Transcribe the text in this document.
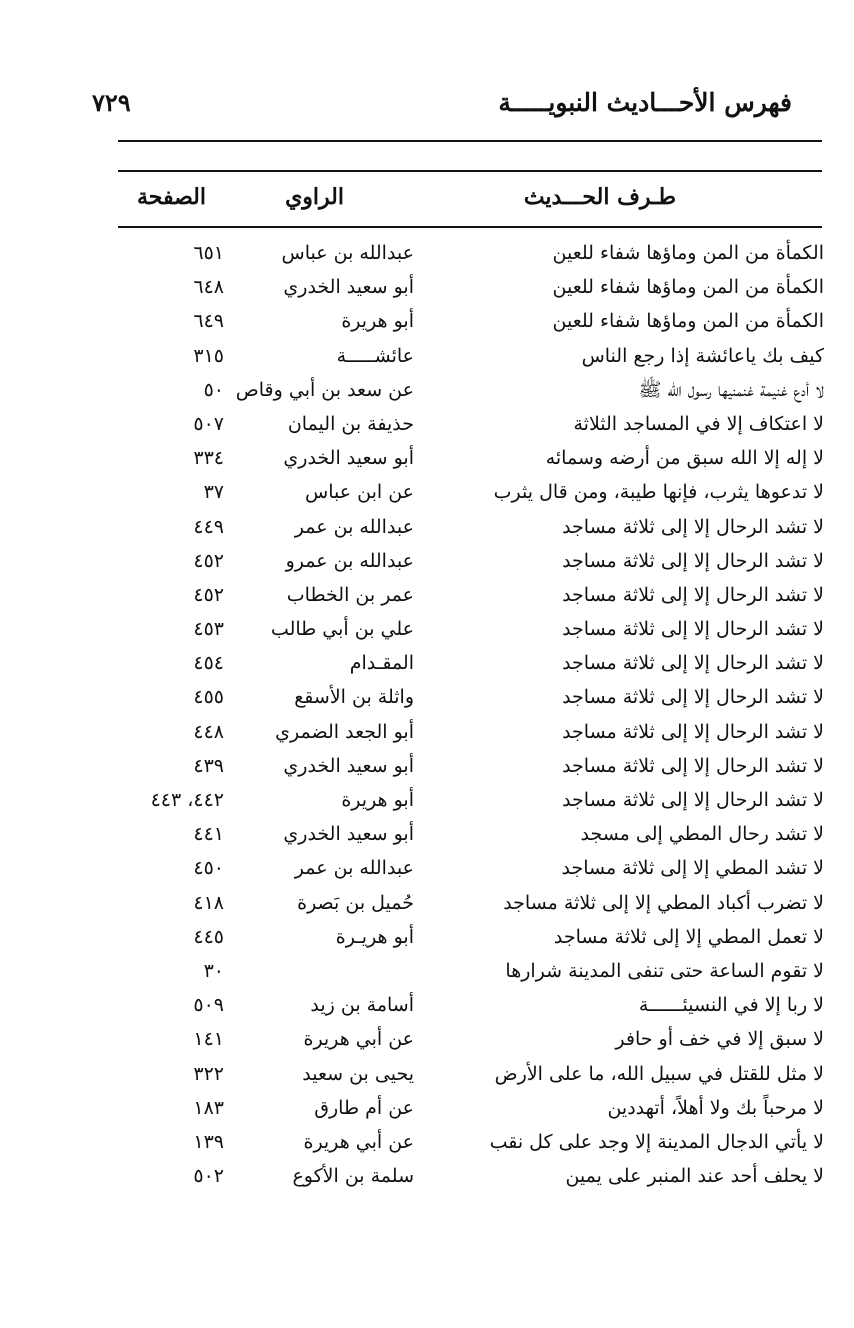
فهرس الأحـــاديث النبويـــــة
٧٢٩
طـرف الحـــديث
الراوي
الصفحة
الكمأة من المن وماؤها شفاء للعين
عبدالله بن عباس
٦٥١
الكمأة من المن وماؤها شفاء للعين
أبو سعيد الخدري
٦٤٨
الكمأة من المن وماؤها شفاء للعين
أبو هريرة
٦٤٩
كيف بك ياعائشة إذا رجع الناس
عائشـــــة
٣١٥
لا أدع غنيمة غنمنيها رسول الله ﷺ
عن سعد بن أبي وقاص
٥٠
لا اعتكاف إلا في المساجد الثلاثة
حذيفة بن اليمان
٥٠٧
لا إله إلا الله سبق من أرضه وسمائه
أبو سعيد الخدري
٣٣٤
لا تدعوها يثرب، فإنها طيبة، ومن قال يثرب
عن ابن عباس
٣٧
لا تشد الرحال إلا إلى ثلاثة مساجد
عبدالله بن عمر
٤٤٩
لا تشد الرحال إلا إلى ثلاثة مساجد
عبدالله بن عمرو
٤٥٢
لا تشد الرحال إلا إلى ثلاثة مساجد
عمر بن الخطاب
٤٥٢
لا تشد الرحال إلا إلى ثلاثة مساجد
علي بن أبي طالب
٤٥٣
لا تشد الرحال إلا إلى ثلاثة مساجد
المقـدام
٤٥٤
لا تشد الرحال إلا إلى ثلاثة مساجد
واثلة بن الأسقع
٤٥٥
لا تشد الرحال إلا إلى ثلاثة مساجد
أبو الجعد الضمري
٤٤٨
لا تشد الرحال إلا إلى ثلاثة مساجد
أبو سعيد الخدري
٤٣٩
لا تشد الرحال إلا إلى ثلاثة مساجد
أبو هريرة
٤٤٢، ٤٤٣
لا تشد رحال المطي إلى مسجد
أبو سعيد الخدري
٤٤١
لا تشد المطي إلا إلى ثلاثة مساجد
عبدالله بن عمر
٤٥٠
لا تضرب أكباد المطي إلا إلى ثلاثة مساجد
حُميل بن بَصرة
٤١٨
لا تعمل المطي إلا إلى ثلاثة مساجد
أبو هريـرة
٤٤٥
لا تقوم الساعة حتى تنفى المدينة شرارها
٣٠
لا ربا إلا في النسيئــــــة
أسامة بن زيد
٥٠٩
لا سبق إلا في خف أو حافر
عن أبي هريرة
١٤١
لا مثل للقتل في سبيل الله، ما على الأرض
يحيى بن سعيد
٣٢٢
لا مرحباً بك ولا أهلاً، أتهددين
عن أم طارق
١٨٣
لا يأتي الدجال المدينة إلا وجد على كل نقب
عن أبي هريرة
١٣٩
لا يحلف أحد عند المنبر على يمين
سلمة بن الأكوع
٥٠٢
